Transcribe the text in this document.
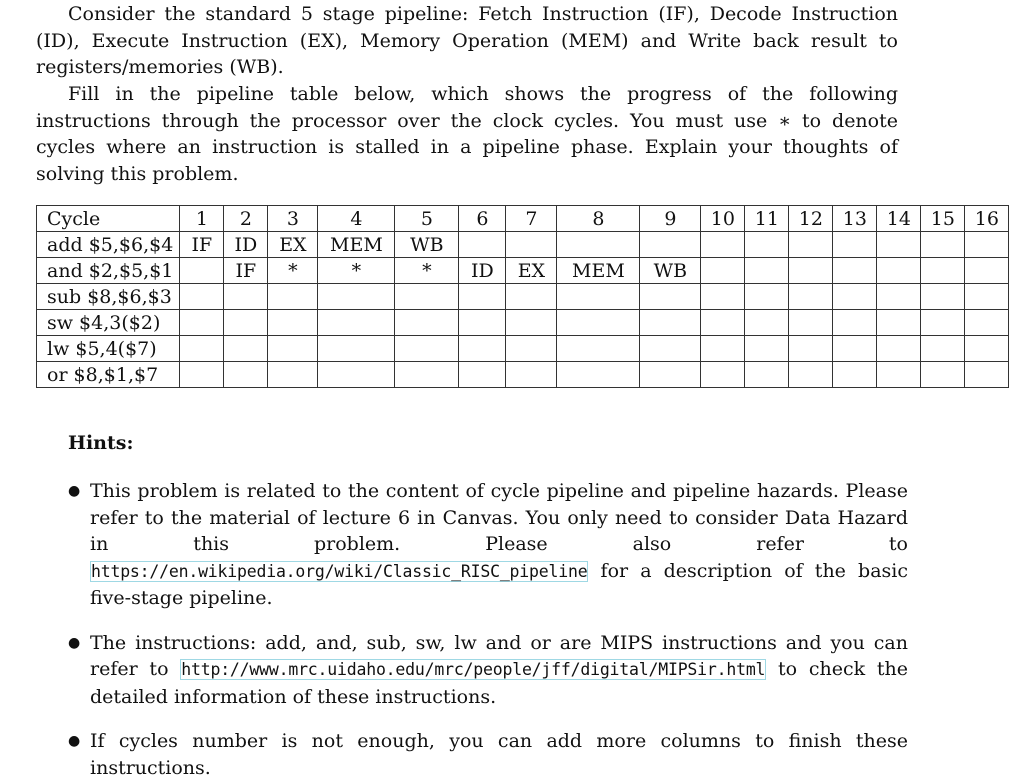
Consider the standard 5 stage pipeline: Fetch Instruction (IF), Decode Instruction (ID), Execute Instruction (EX), Memory Operation (MEM) and Write back result to registers/memories (WB).

Fill in the pipeline table below, which shows the progress of the following instructions through the processor over the clock cycles. You must use ∗ to denote cycles where an instruction is stalled in a pipeline phase. Explain your thoughts of solving this problem.

Cycle	1	2	3	4	5	6	7	8	9	10	11	12	13	14	15	16
add $5,$6,$4	IF	ID	EX	MEM	WB											
and $2,$5,$1		IF	*	*	*	ID	EX	MEM	WB							
sub $8,$6,$3																
sw $4,3($2)																
lw $5,4($7)																
or $8,$1,$7																

Hints:

● This problem is related to the content of cycle pipeline and pipeline hazards. Please refer to the material of lecture 6 in Canvas. You only need to consider Data Hazard in this problem. Please also refer to https://en.wikipedia.org/wiki/Classic_RISC_pipeline for a description of the basic five-stage pipeline.
● The instructions: add, and, sub, sw, lw and or are MIPS instructions and you can refer to http://www.mrc.uidaho.edu/mrc/people/jff/digital/MIPSir.html to check the detailed information of these instructions.
● If cycles number is not enough, you can add more columns to finish these instructions.
